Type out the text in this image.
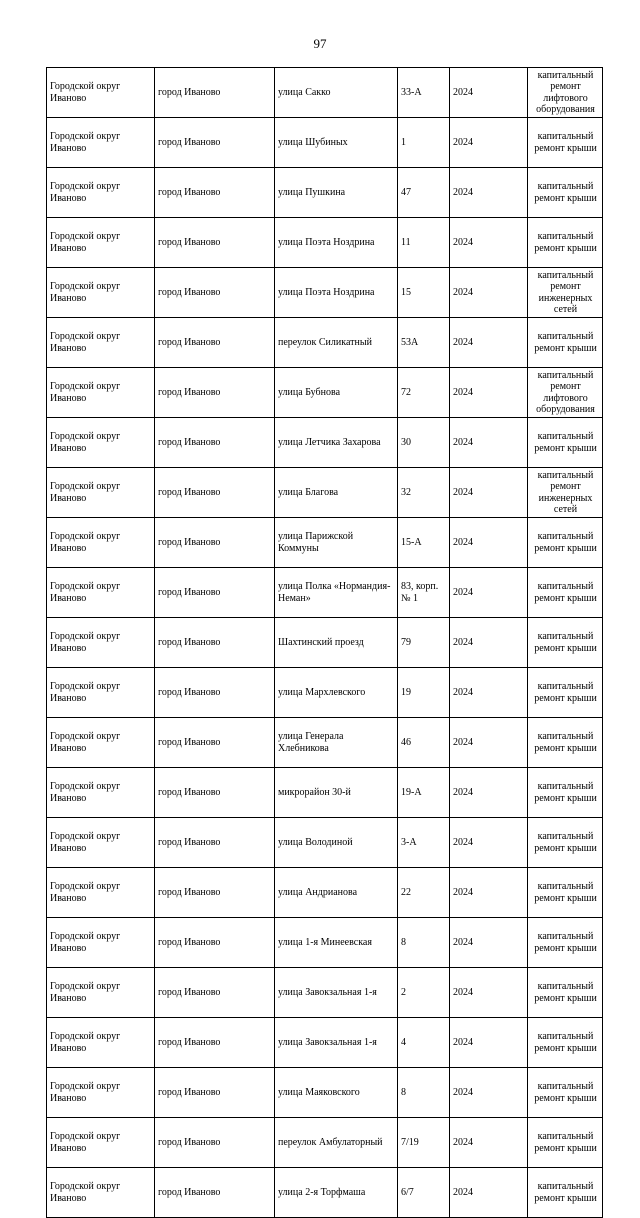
97
Городской округ Иваново	город Иваново	улица Сакко	33-А	2024	капитальный ремонт лифтового оборудования
Городской округ Иваново	город Иваново	улица Шубиных	1	2024	капитальный ремонт крыши
Городской округ Иваново	город Иваново	улица Пушкина	47	2024	капитальный ремонт крыши
Городской округ Иваново	город Иваново	улица Поэта Ноздрина	11	2024	капитальный ремонт крыши
Городской округ Иваново	город Иваново	улица Поэта Ноздрина	15	2024	капитальный ремонт инженерных сетей
Городской округ Иваново	город Иваново	переулок Силикатный	53А	2024	капитальный ремонт крыши
Городской округ Иваново	город Иваново	улица Бубнова	72	2024	капитальный ремонт лифтового оборудования
Городской округ Иваново	город Иваново	улица Летчика Захарова	30	2024	капитальный ремонт крыши
Городской округ Иваново	город Иваново	улица Благова	32	2024	капитальный ремонт инженерных сетей
Городской округ Иваново	город Иваново	улица Парижской Коммуны	15-А	2024	капитальный ремонт крыши
Городской округ Иваново	город Иваново	улица Полка «Нормандия-Неман»	83, корп. № 1	2024	капитальный ремонт крыши
Городской округ Иваново	город Иваново	Шахтинский проезд	79	2024	капитальный ремонт крыши
Городской округ Иваново	город Иваново	улица Мархлевского	19	2024	капитальный ремонт крыши
Городской округ Иваново	город Иваново	улица Генерала Хлебникова	46	2024	капитальный ремонт крыши
Городской округ Иваново	город Иваново	микрорайон 30-й	19-А	2024	капитальный ремонт крыши
Городской округ Иваново	город Иваново	улица Володиной	3-А	2024	капитальный ремонт крыши
Городской округ Иваново	город Иваново	улица Андрианова	22	2024	капитальный ремонт крыши
Городской округ Иваново	город Иваново	улица 1-я Минеевская	8	2024	капитальный ремонт крыши
Городской округ Иваново	город Иваново	улица Завокзальная 1-я	2	2024	капитальный ремонт крыши
Городской округ Иваново	город Иваново	улица Завокзальная 1-я	4	2024	капитальный ремонт крыши
Городской округ Иваново	город Иваново	улица Маяковского	8	2024	капитальный ремонт крыши
Городской округ Иваново	город Иваново	переулок Амбулаторный	7/19	2024	капитальный ремонт крыши
Городской округ Иваново	город Иваново	улица 2-я Торфмаша	6/7	2024	капитальный ремонт крыши
